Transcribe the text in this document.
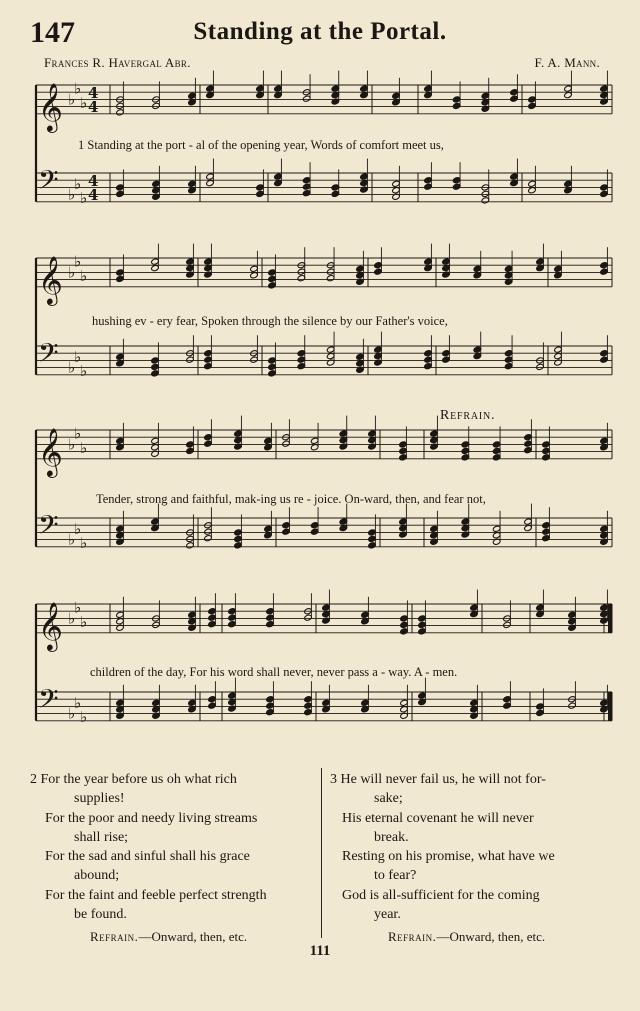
147	Standing at the Portal.
Frances R. Havergal Abr.	F. A. Mann.
𝄞 ♭
♭
♭
4
4
𝄢 ♭
♭
♭
4
4
𝄞 ♭
♭
♭
𝄢 ♭
♭
♭
𝄞 ♭
♭
♭
𝄢 ♭
♭
♭
𝄞 ♭
♭
♭
𝄢 ♭
♭
♭
1 Standing at the port - al of the opening year, Words of comfort meet us,
hushing ev - ery fear, Spoken through the silence by our Father's voice,
Tender, strong and faithful, mak-ing us re - joice. On-ward, then, and fear not,
children of the day, For his word shall never, never pass a - way. A - men.
Refrain.
2 For the year before us oh what rich
supplies!
For the poor and needy living streams
shall rise;
For the sad and sinful shall his grace
abound;
For the faint and feeble perfect strength
be found.
Refrain.—Onward, then, etc.
3 He will never fail us, he will not for-
sake;
His eternal covenant he will never
break.
Resting on his promise, what have we
to fear?
God is all-sufficient for the coming
year.
Refrain.—Onward, then, etc.
111
